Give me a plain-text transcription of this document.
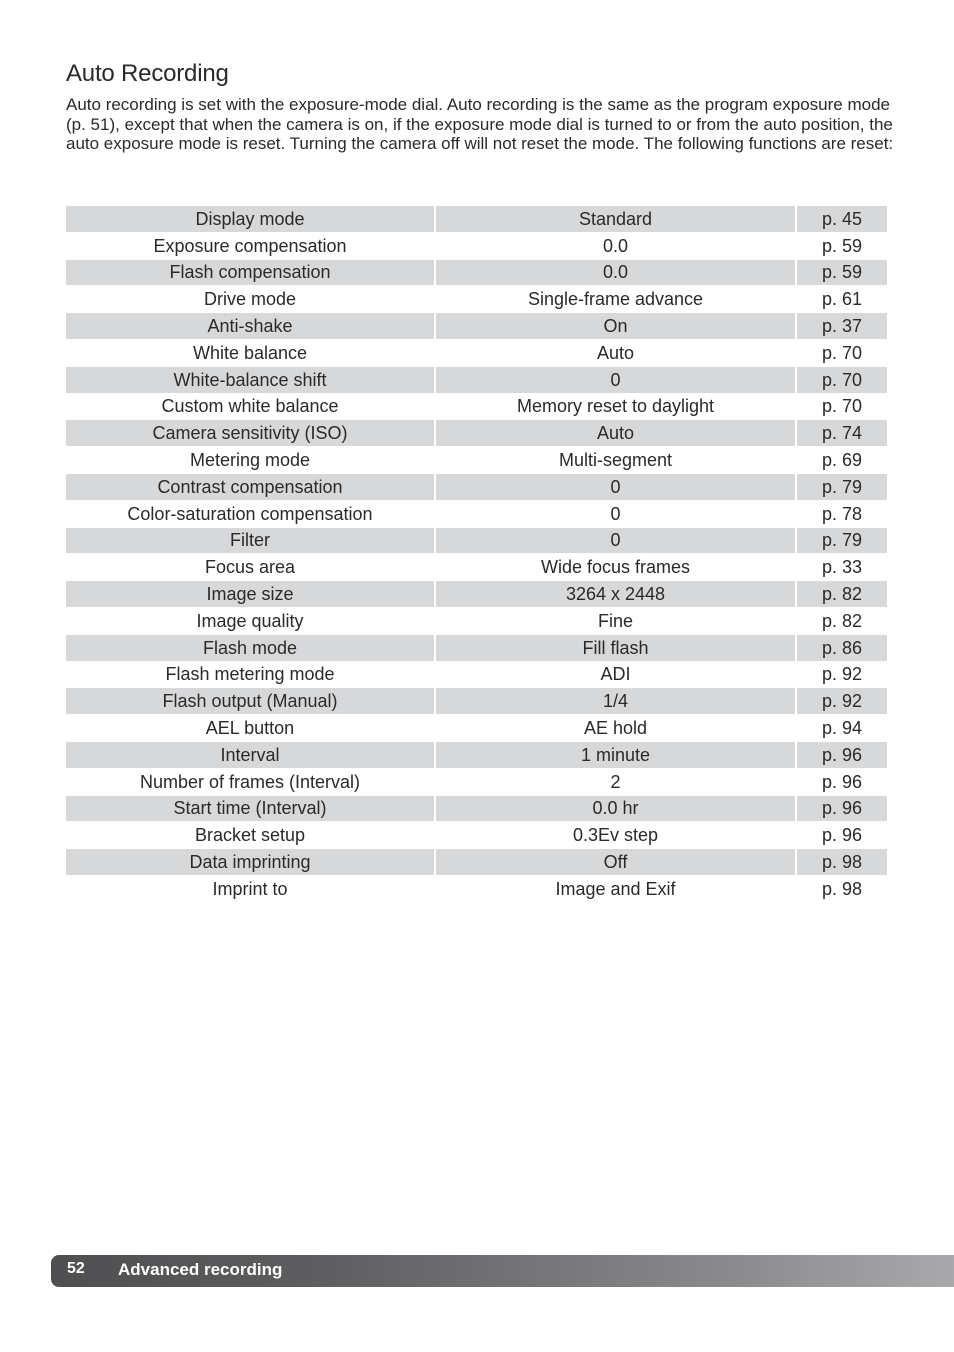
Auto Recording

Auto recording is set with the exposure-mode dial. Auto recording is the same as the program exposure mode (p. 51), except that when the camera is on, if the exposure mode dial is turned to or from the auto position, the auto exposure mode is reset. Turning the camera off will not reset the mode. The following functions are reset:

Display mode	Standard	p. 45
Exposure compensation	0.0	p. 59
Flash compensation	0.0	p. 59
Drive mode	Single-frame advance	p. 61
Anti-shake	On	p. 37
White balance	Auto	p. 70
White-balance shift	0	p. 70
Custom white balance	Memory reset to daylight	p. 70
Camera sensitivity (ISO)	Auto	p. 74
Metering mode	Multi-segment	p. 69
Contrast compensation	0	p. 79
Color-saturation compensation	0	p. 78
Filter	0	p. 79
Focus area	Wide focus frames	p. 33
Image size	3264 x 2448	p. 82
Image quality	Fine	p. 82
Flash mode	Fill flash	p. 86
Flash metering mode	ADI	p. 92
Flash output (Manual)	1/4	p. 92
AEL button	AE hold	p. 94
Interval	1 minute	p. 96
Number of frames (Interval)	2	p. 96
Start time (Interval)	0.0 hr	p. 96
Bracket setup	0.3Ev step	p. 96
Data imprinting	Off	p. 98
Imprint to	Image and Exif	p. 98
52 Advanced recording
